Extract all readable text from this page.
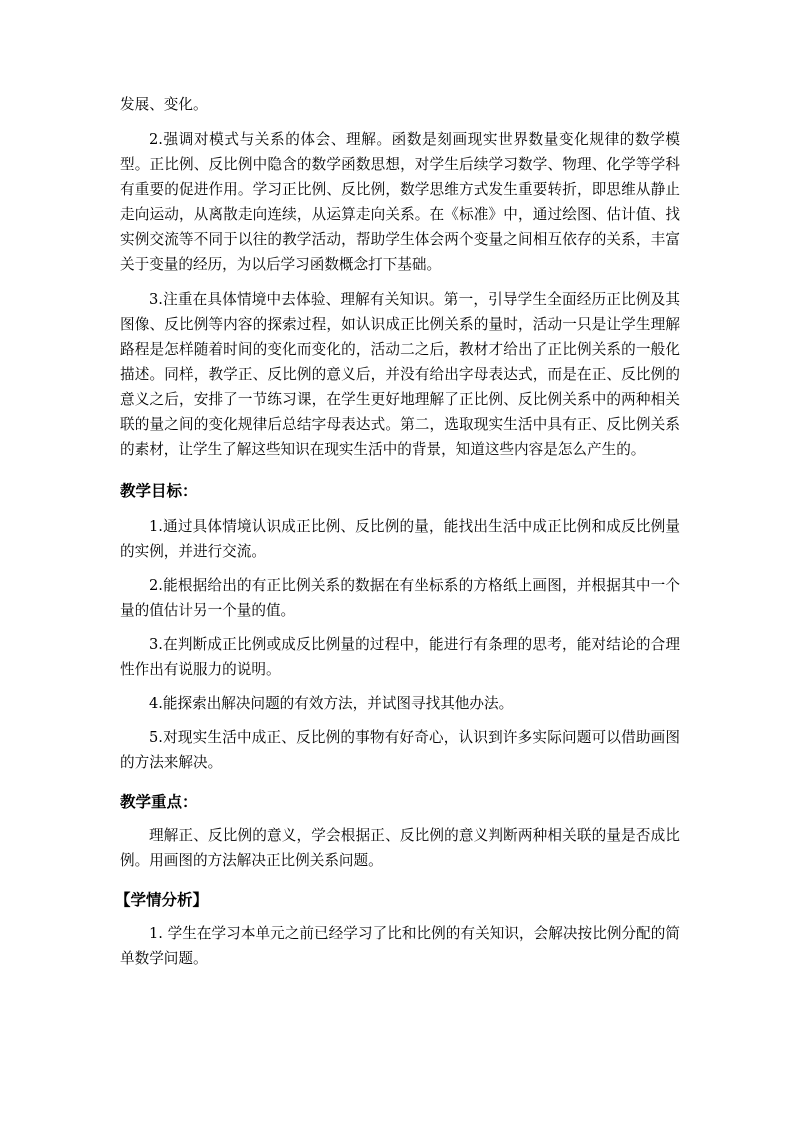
发展、变化。

2.强调对模式与关系的体会、理解。函数是刻画现实世界数量变化规律的数学模型。正比例、反比例中隐含的数学函数思想，对学生后续学习数学、物理、化学等学科有重要的促进作用。学习正比例、反比例，数学思维方式发生重要转折，即思维从静止走向运动，从离散走向连续，从运算走向关系。在《标准》中，通过绘图、估计值、找实例交流等不同于以往的教学活动，帮助学生体会两个变量之间相互依存的关系，丰富关于变量的经历，为以后学习函数概念打下基础。

3.注重在具体情境中去体验、理解有关知识。第一，引导学生全面经历正比例及其图像、反比例等内容的探索过程，如认识成正比例关系的量时，活动一只是让学生理解路程是怎样随着时间的变化而变化的，活动二之后，教材才给出了正比例关系的一般化描述。同样，教学正、反比例的意义后，并没有给出字母表达式，而是在正、反比例的意义之后，安排了一节练习课，在学生更好地理解了正比例、反比例关系中的两种相关联的量之间的变化规律后总结字母表达式。第二，选取现实生活中具有正、反比例关系的素材，让学生了解这些知识在现实生活中的背景，知道这些内容是怎么产生的。

教学目标：

1.通过具体情境认识成正比例、反比例的量，能找出生活中成正比例和成反比例量的实例，并进行交流。

2.能根据给出的有正比例关系的数据在有坐标系的方格纸上画图，并根据其中一个量的值估计另一个量的值。

3.在判断成正比例或成反比例量的过程中，能进行有条理的思考，能对结论的合理性作出有说服力的说明。

4.能探索出解决问题的有效方法，并试图寻找其他办法。

5.对现实生活中成正、反比例的事物有好奇心，认识到许多实际问题可以借助画图的方法来解决。

教学重点：

理解正、反比例的意义，学会根据正、反比例的意义判断两种相关联的量是否成比例。用画图的方法解决正比例关系问题。

【学情分析】

1. 学生在学习本单元之前已经学习了比和比例的有关知识，会解决按比例分配的简单数学问题。
